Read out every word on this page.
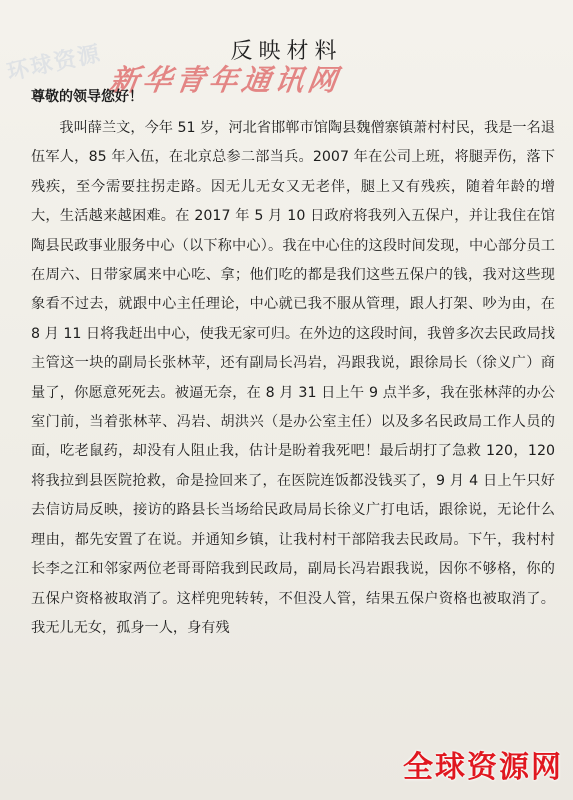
环球资源	反映材料
新华青年通讯网
尊敬的领导您好！

我叫薛兰文，今年 51 岁，河北省邯郸市馆陶县魏僧寨镇萧村村民，我是一名退伍军人，85 年入伍，在北京总参二部当兵。2007 年在公司上班，将腿弄伤，落下残疾，至今需要拄拐走路。因无儿无女又无老伴，腿上又有残疾，随着年龄的增大，生活越来越困难。在 2017 年 5 月 10 日政府将我列入五保户，并让我住在馆陶县民政事业服务中心（以下称中心）。我在中心住的这段时间发现，中心部分员工在周六、日带家属来中心吃、拿；他们吃的都是我们这些五保户的钱，我对这些现象看不过去，就跟中心主任理论，中心就已我不服从管理，跟人打架、吵为由，在 8 月 11 日将我赶出中心，使我无家可归。在外边的这段时间，我曾多次去民政局找主管这一块的副局长张林苹，还有副局长冯岩，冯跟我说，跟徐局长（徐义广）商量了，你愿意死死去。被逼无奈，在 8 月 31 日上午 9 点半多，我在张林萍的办公室门前，当着张林苹、冯岩、胡洪兴（是办公室主任）以及多名民政局工作人员的面，吃老鼠药，却没有人阻止我，估计是盼着我死吧！最后胡打了急救 120，120 将我拉到县医院抢救，命是捡回来了，在医院连饭都没钱买了，9 月 4 日上午只好去信访局反映，接访的路县长当场给民政局局长徐义广打电话，跟徐说，无论什么理由，都先安置了在说。并通知乡镇，让我村村干部陪我去民政局。下午，我村村长李之江和邻家两位老哥哥陪我到民政局，副局长冯岩跟我说，因你不够格，你的五保户资格被取消了。这样兜兜转转，不但没人管，结果五保户资格也被取消了。我无儿无女，孤身一人，身有残

全球资源网
